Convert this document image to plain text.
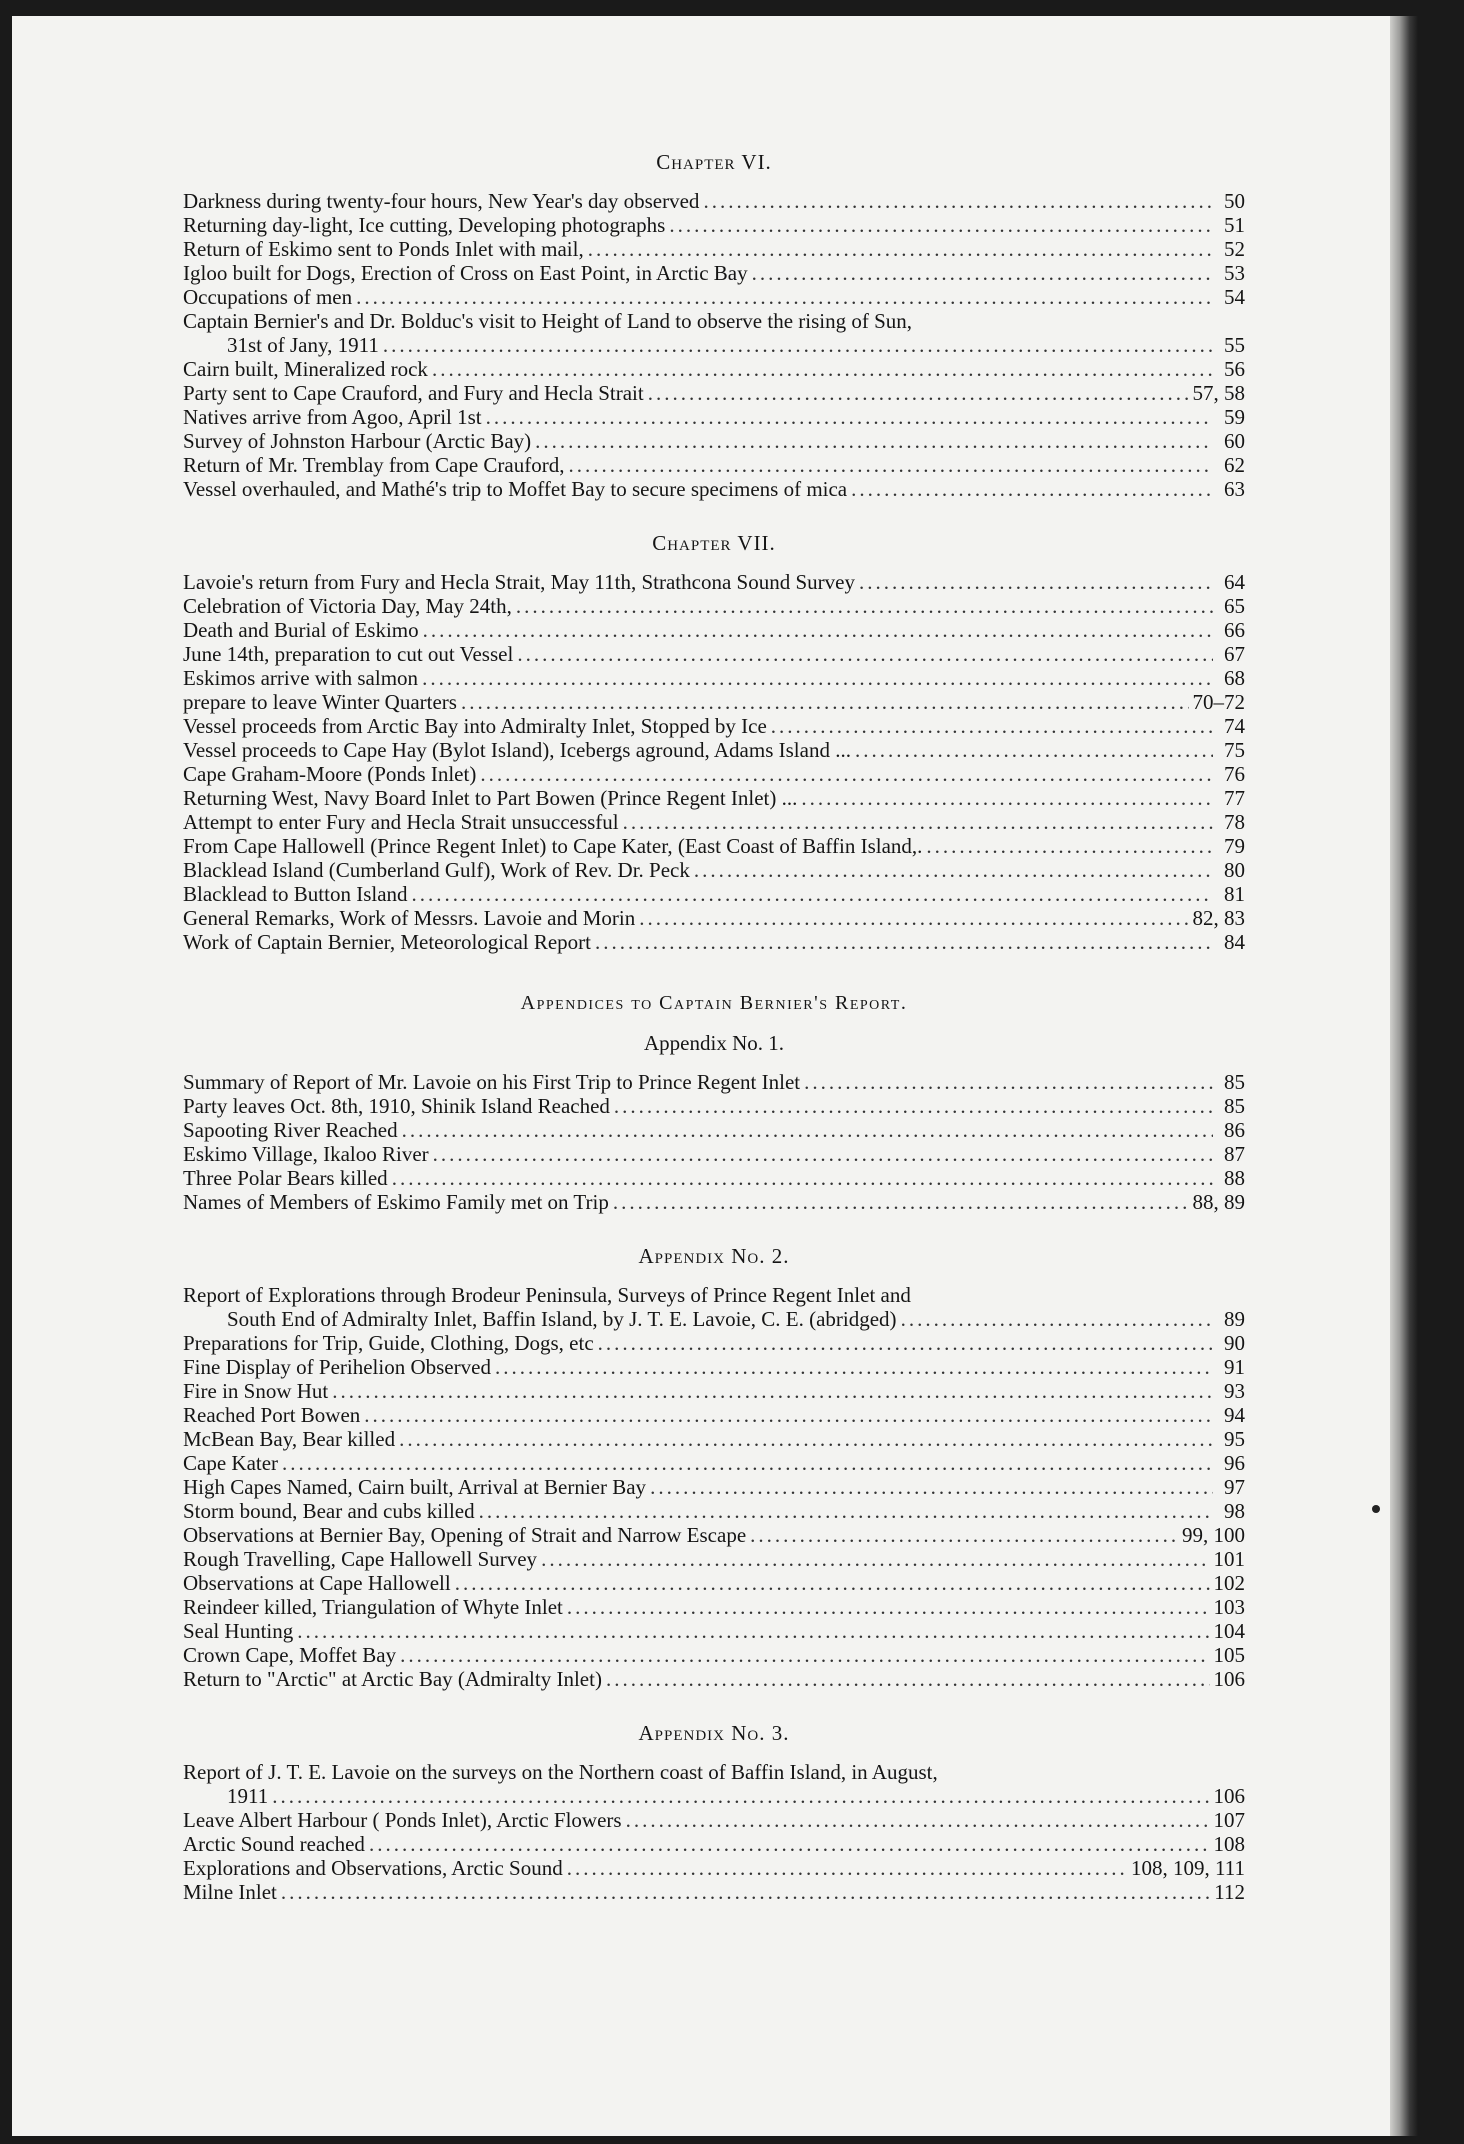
Chapter VI.
Darkness during twenty-four hours, New Year's day observed .....	50
Returning day-light, Ice cutting, Developing photographs .....	51
Return of Eskimo sent to Ponds Inlet with mail, .....	52
Igloo built for Dogs, Erection of Cross on East Point, in Arctic Bay .....	53
Occupations of men .....	54
Captain Bernier's and Dr. Bolduc's visit to Height of Land to observe the rising of Sun,
31st of Jany, 1911 .....	55
Cairn built, Mineralized rock .....	56
Party sent to Cape Crauford, and Fury and Hecla Strait .....	57, 58
Natives arrive from Agoo, April 1st .....	59
Survey of Johnston Harbour (Arctic Bay) .....	60
Return of Mr. Tremblay from Cape Crauford, .....	62
Vessel overhauled, and Mathé's trip to Moffet Bay to secure specimens of mica .....	63
Chapter VII.
Lavoie's return from Fury and Hecla Strait, May 11th, Strathcona Sound Survey .....	64
Celebration of Victoria Day, May 24th, .....	65
Death and Burial of Eskimo .....	66
June 14th, preparation to cut out Vessel .....	67
Eskimos arrive with salmon .....	68
prepare to leave Winter Quarters .....	70–72
Vessel proceeds from Arctic Bay into Admiralty Inlet, Stopped by Ice .....	74
Vessel proceeds to Cape Hay (Bylot Island), Icebergs aground, Adams Island ... .....	75
Cape Graham-Moore (Ponds Inlet) .....	76
Returning West, Navy Board Inlet to Part Bowen (Prince Regent Inlet) ... .....	77
Attempt to enter Fury and Hecla Strait unsuccessful .....	78
From Cape Hallowell (Prince Regent Inlet) to Cape Kater, (East Coast of Baffin Island,. .....	79
Blacklead Island (Cumberland Gulf), Work of Rev. Dr. Peck .....	80
Blacklead to Button Island .....	81
General Remarks, Work of Messrs. Lavoie and Morin .....	82, 83
Work of Captain Bernier, Meteorological Report .....	84
Appendices to Captain Bernier's Report.
Appendix No. 1.
Summary of Report of Mr. Lavoie on his First Trip to Prince Regent Inlet .....	85
Party leaves Oct. 8th, 1910, Shinik Island Reached .....	85
Sapooting River Reached .....	86
Eskimo Village, Ikaloo River .....	87
Three Polar Bears killed .....	88
Names of Members of Eskimo Family met on Trip .....	88, 89
Appendix No. 2.
Report of Explorations through Brodeur Peninsula, Surveys of Prince Regent Inlet and
South End of Admiralty Inlet, Baffin Island, by J. T. E. Lavoie, C. E. (abridged) .....	89
Preparations for Trip, Guide, Clothing, Dogs, etc .....	90
Fine Display of Perihelion Observed .....	91
Fire in Snow Hut .....	93
Reached Port Bowen .....	94
McBean Bay, Bear killed .....	95
Cape Kater .....	96
High Capes Named, Cairn built, Arrival at Bernier Bay .....	97
Storm bound, Bear and cubs killed .....	98
Observations at Bernier Bay, Opening of Strait and Narrow Escape .....	99, 100
Rough Travelling, Cape Hallowell Survey .....	101
Observations at Cape Hallowell .....	102
Reindeer killed, Triangulation of Whyte Inlet .....	103
Seal Hunting .....	104
Crown Cape, Moffet Bay .....	105
Return to "Arctic" at Arctic Bay (Admiralty Inlet) .....	106
Appendix No. 3.
Report of J. T. E. Lavoie on the surveys on the Northern coast of Baffin Island, in August,
1911 .....	106
Leave Albert Harbour ( Ponds Inlet), Arctic Flowers .....	107
Arctic Sound reached .....	108
Explorations and Observations, Arctic Sound .....	108, 109, 111
Milne Inlet .....	112
